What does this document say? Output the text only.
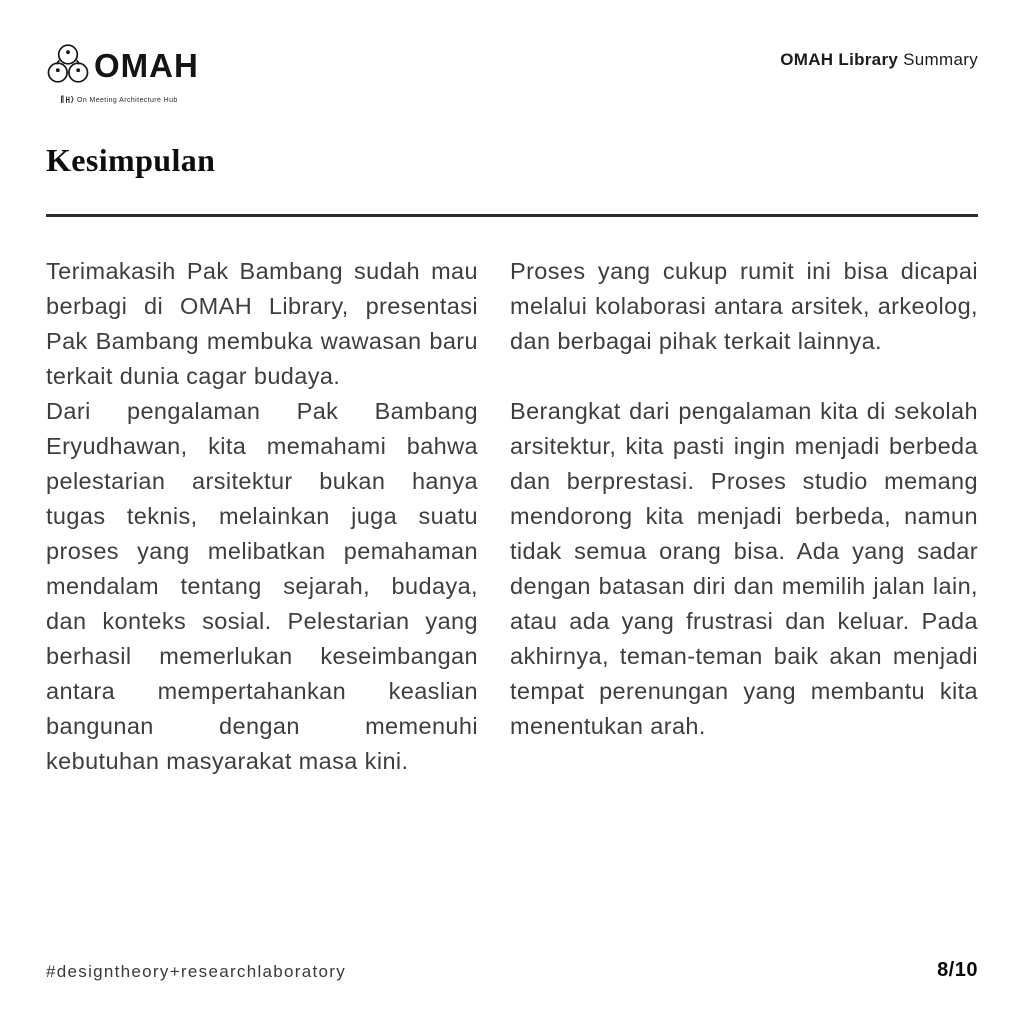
OMAH
On Meeting Architecture Hub
OMAH Library Summary
Kesimpulan

Terimakasih Pak Bambang sudah mau berbagi di OMAH Library, presentasi Pak Bambang membuka wawasan baru terkait dunia cagar budaya.

Dari pengalaman Pak Bambang Eryudhawan, kita memahami bahwa pelestarian arsitektur bukan hanya tugas teknis, melainkan juga suatu proses yang melibatkan pemahaman mendalam tentang sejarah, budaya, dan konteks sosial. Pelestarian yang berhasil memerlukan keseimbangan antara mempertahankan keaslian bangunan dengan memenuhi kebutuhan masyarakat masa kini.

Proses yang cukup rumit ini bisa dicapai melalui kolaborasi antara arsitek, arkeolog, dan berbagai pihak terkait lainnya.

Berangkat dari pengalaman kita di sekolah arsitektur, kita pasti ingin menjadi berbeda dan berprestasi. Proses studio memang mendorong kita menjadi berbeda, namun tidak semua orang bisa. Ada yang sadar dengan batasan diri dan memilih jalan lain, atau ada yang frustrasi dan keluar. Pada akhirnya, teman-teman baik akan menjadi tempat perenungan yang membantu kita menentukan arah.

#designtheory+researchlaboratory	8/10
